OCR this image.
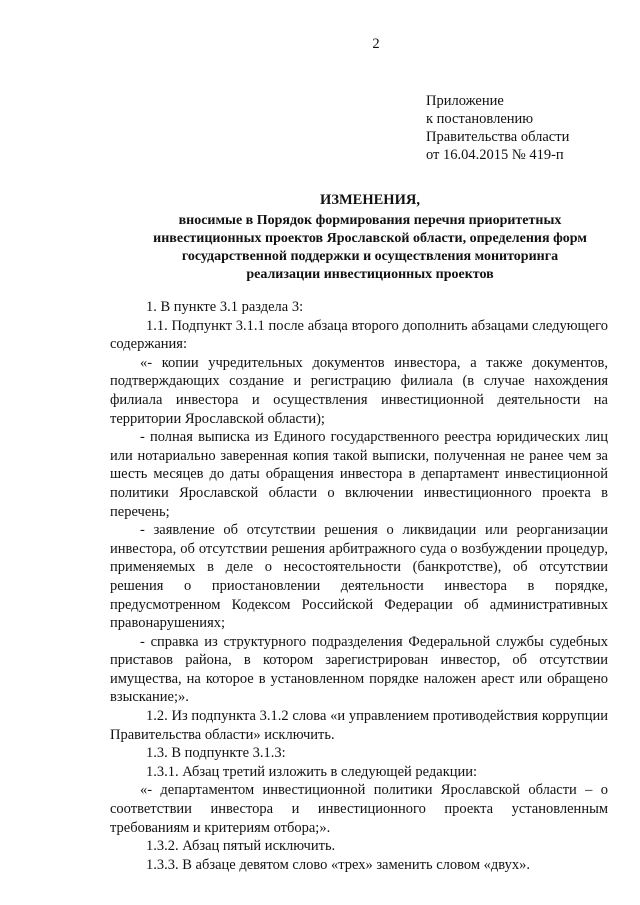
2
Приложение
к постановлению
Правительства области
от 16.04.2015 № 419-п
ИЗМЕНЕНИЯ,
вносимые в Порядок формирования перечня приоритетных
инвестиционных проектов Ярославской области, определения форм
государственной поддержки и осуществления мониторинга
реализации инвестиционных проектов

1. В пункте 3.1 раздела 3:

1.1. Подпункт 3.1.1 после абзаца второго дополнить абзацами следующего содержания:

«- копии учредительных документов инвестора, а также документов, подтверждающих создание и регистрацию филиала (в случае нахождения филиала инвестора и осуществления инвестиционной деятельности на территории Ярославской области);

- полная выписка из Единого государственного реестра юридических лиц или нотариально заверенная копия такой выписки, полученная не ранее чем за шесть месяцев до даты обращения инвестора в департамент инвестиционной политики Ярославской области о включении инвестиционного проекта в перечень;

- заявление об отсутствии решения о ликвидации или реорганизации инвестора, об отсутствии решения арбитражного суда о возбуждении процедур, применяемых в деле о несостоятельности (банкротстве), об отсутствии решения о приостановлении деятельности инвестора в порядке, предусмотренном Кодексом Российской Федерации об административных правонарушениях;

- справка из структурного подразделения Федеральной службы судебных приставов района, в котором зарегистрирован инвестор, об отсутствии имущества, на которое в установленном порядке наложен арест или обращено взыскание;».

1.2. Из подпункта 3.1.2 слова «и управлением противодействия коррупции Правительства области» исключить.

1.3. В подпункте 3.1.3:

1.3.1. Абзац третий изложить в следующей редакции:

«- департаментом инвестиционной политики Ярославской области – о соответствии инвестора и инвестиционного проекта установленным требованиям и критериям отбора;».

1.3.2. Абзац пятый исключить.

1.3.3. В абзаце девятом слово «трех» заменить словом «двух».
